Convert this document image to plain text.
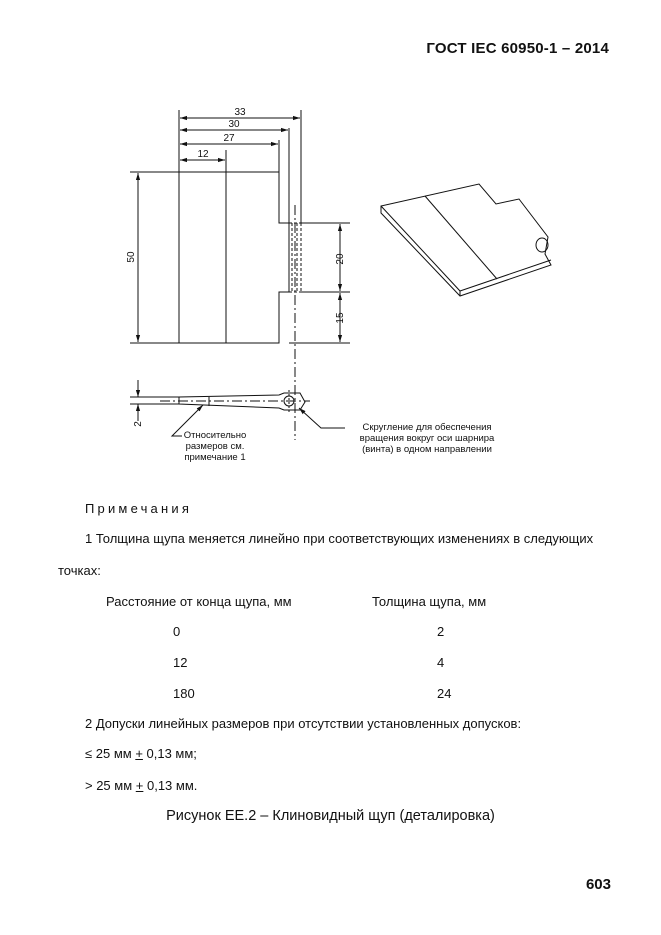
ГОСТ IEC 60950-1 – 2014
33
30
27
12
50	20
15
2
Относительно
размеров см.
примечание 1
Скругление для обеспечения
вращения вокруг оси шарнира
(винта) в одном направлении
Примечания
1 Толщина щупа меняется линейно при соответствующих изменениях в следующих
точках:
Расстояние от конца щупа, мм	Толщина щупа, мм
0	2
12	4
180	24
2 Допуски линейных размеров при отсутствии установленных допусков:
≤ 25 мм + 0,13 мм;
> 25 мм + 0,13 мм.
Рисунок ЕЕ.2 – Клиновидный щуп (деталировка)
603
